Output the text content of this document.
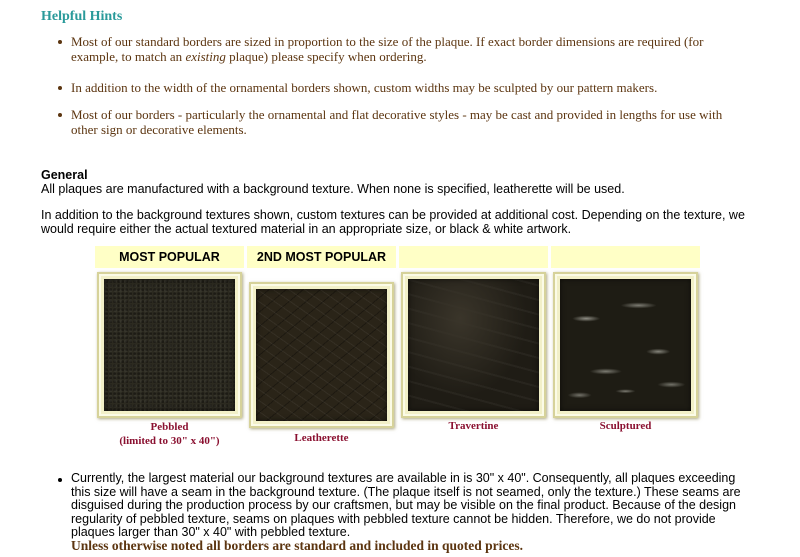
Helpful Hints
Most of our standard borders are sized in proportion to the size of the plaque. If exact border dimensions are required (for example, to match an existing plaque) please specify when ordering.
In addition to the width of the ornamental borders shown, custom widths may be sculpted by our pattern makers.
Most of our borders - particularly the ornamental and flat decorative styles - may be cast and provided in lengths for use with other sign or decorative elements.
General

All plaques are manufactured with a background texture. When none is specified, leatherette will be used.

In addition to the background textures shown, custom textures can be provided at additional cost. Depending on the texture, we would require either the actual textured material in an appropriate size, or black & white artwork.

MOST POPULAR	2ND MOST POPULAR
Pebbled
(limited to 30" x 40")	Leatherette
Travertine	Sculptured
Currently, the largest material our background textures are available in is 30" x 40". Consequently, all plaques exceeding this size will have a seam in the background texture. (The plaque itself is not seamed, only the texture.) These seams are disguised during the production process by our craftsmen, but may be visible on the final product. Because of the design regularity of pebbled texture, seams on plaques with pebbled texture cannot be hidden. Therefore, we do not provide plaques larger than 30" x 40" with pebbled texture.
Unless otherwise noted all borders are standard and included in quoted prices.
